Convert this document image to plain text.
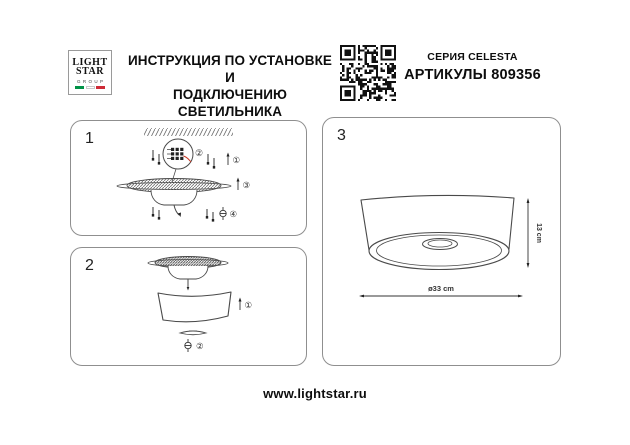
LIGHT
STAR
GROUP
ИНСТРУКЦИЯ ПО УСТАНОВКЕ И
ПОДКЛЮЧЕНИЮ СВЕТИЛЬНИКА
СЕРИЯ CELESTA
АРТИКУЛЫ 809356
1
②
①
③
④
2
①
②
3
13 cm
ø33 cm
www.lightstar.ru
